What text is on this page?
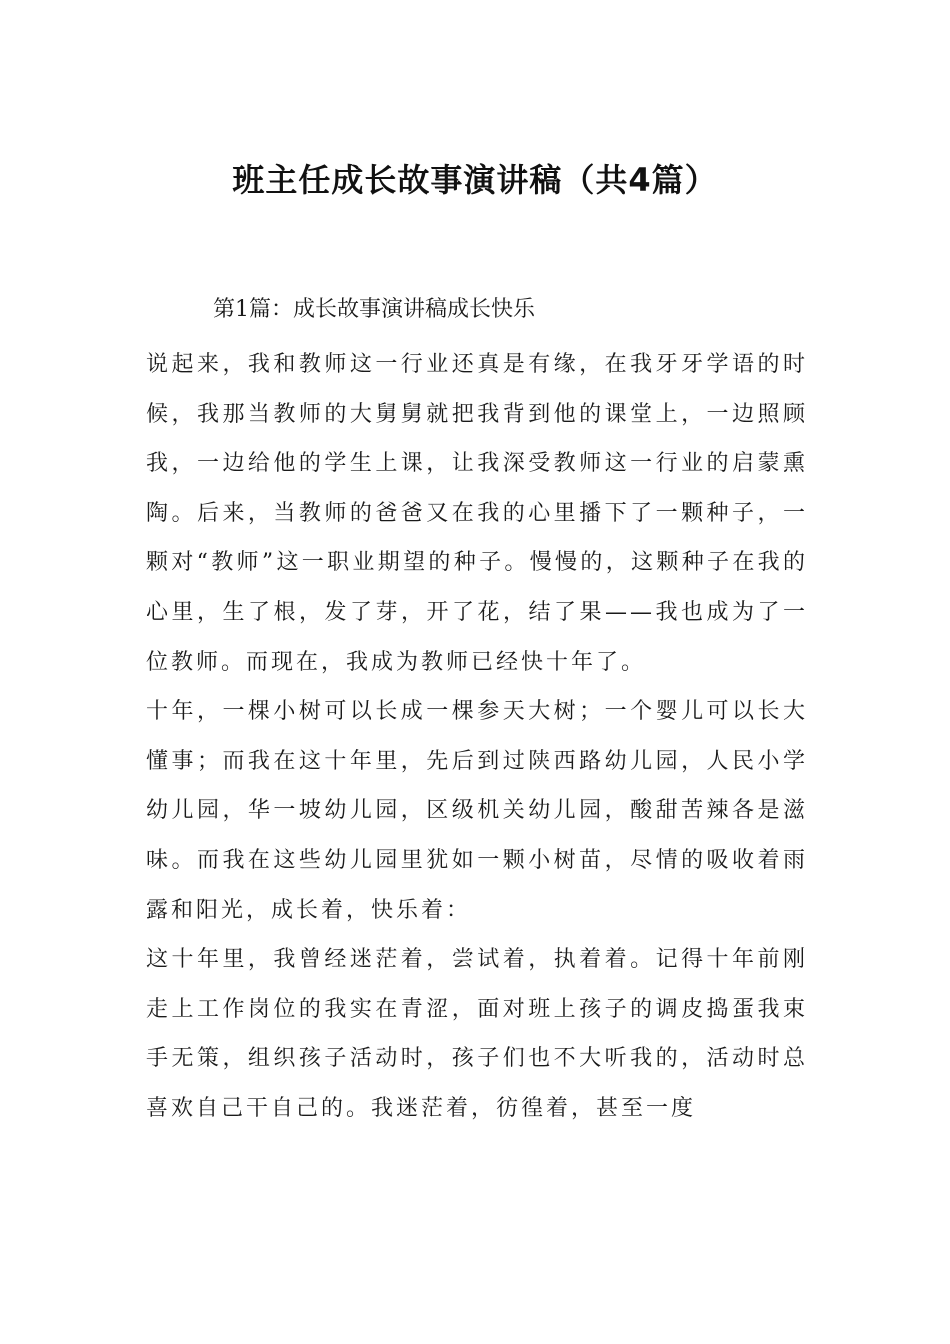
班主任成长故事演讲稿（共4篇）

第1篇：成长故事演讲稿成长快乐

说起来，我和教师这一行业还真是有缘，在我牙牙学语的时候，我那当教师的大舅舅就把我背到他的课堂上，一边照顾我，一边给他的学生上课，让我深受教师这一行业的启蒙熏陶。后来，当教师的爸爸又在我的心里播下了一颗种子，一颗对“教师”这一职业期望的种子。慢慢的，这颗种子在我的心里，生了根，发了芽，开了花，结了果——我也成为了一位教师。而现在，我成为教师已经快十年了。

十年，一棵小树可以长成一棵参天大树；一个婴儿可以长大懂事；而我在这十年里，先后到过陕西路幼儿园，人民小学幼儿园，华一坡幼儿园，区级机关幼儿园，酸甜苦辣各是滋味。而我在这些幼儿园里犹如一颗小树苗，尽情的吸收着雨露和阳光，成长着，快乐着：

这十年里，我曾经迷茫着，尝试着，执着着。记得十年前刚走上工作岗位的我实在青涩，面对班上孩子的调皮捣蛋我束手无策，组织孩子活动时，孩子们也不大听我的，活动时总喜欢自己干自己的。我迷茫着，彷徨着，甚至一度
